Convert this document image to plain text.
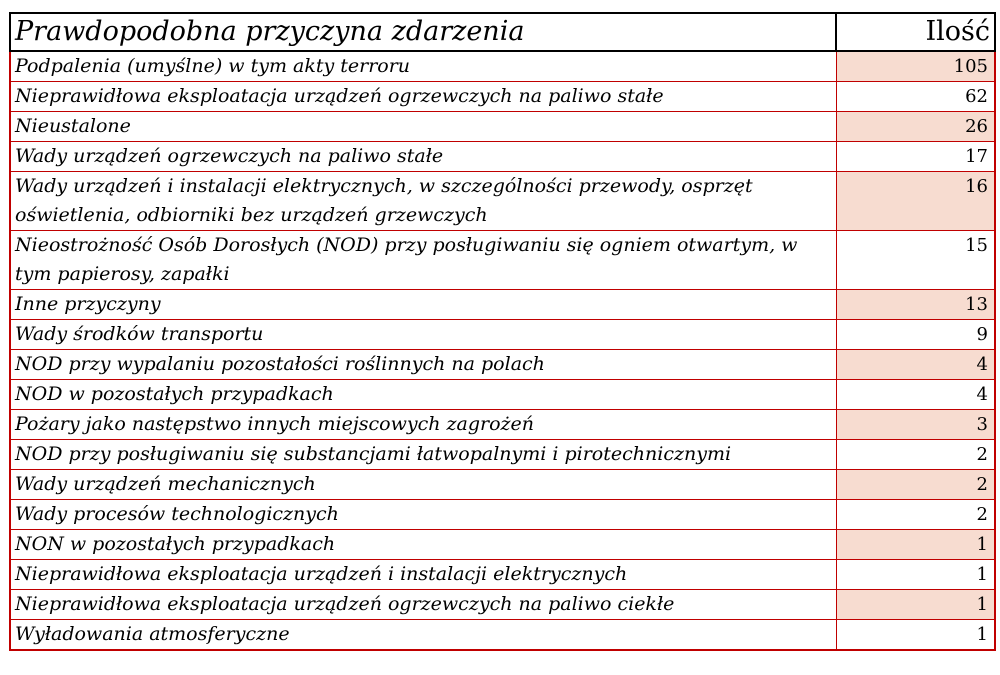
Prawdopodobna przyczyna zdarzenia	Ilość
Podpalenia (umyślne) w tym akty terroru	105
Nieprawidłowa eksploatacja urządzeń ogrzewczych na paliwo stałe	62
Nieustalone	26
Wady urządzeń ogrzewczych na paliwo stałe	17
Wady urządzeń i instalacji elektrycznych, w szczególności przewody, osprzęt oświetlenia, odbiorniki bez urządzeń grzewczych	16
Nieostrożność Osób Dorosłych (NOD) przy posługiwaniu się ogniem otwartym, w tym papierosy, zapałki	15
Inne przyczyny	13
Wady środków transportu	9
NOD przy wypalaniu pozostałości roślinnych na polach	4
NOD w pozostałych przypadkach	4
Pożary jako następstwo innych miejscowych zagrożeń	3
NOD przy posługiwaniu się substancjami łatwopalnymi i pirotechnicznymi	2
Wady urządzeń mechanicznych	2
Wady procesów technologicznych	2
NON w pozostałych przypadkach	1
Nieprawidłowa eksploatacja urządzeń i instalacji elektrycznych	1
Nieprawidłowa eksploatacja urządzeń ogrzewczych na paliwo ciekłe	1
Wyładowania atmosferyczne	1
